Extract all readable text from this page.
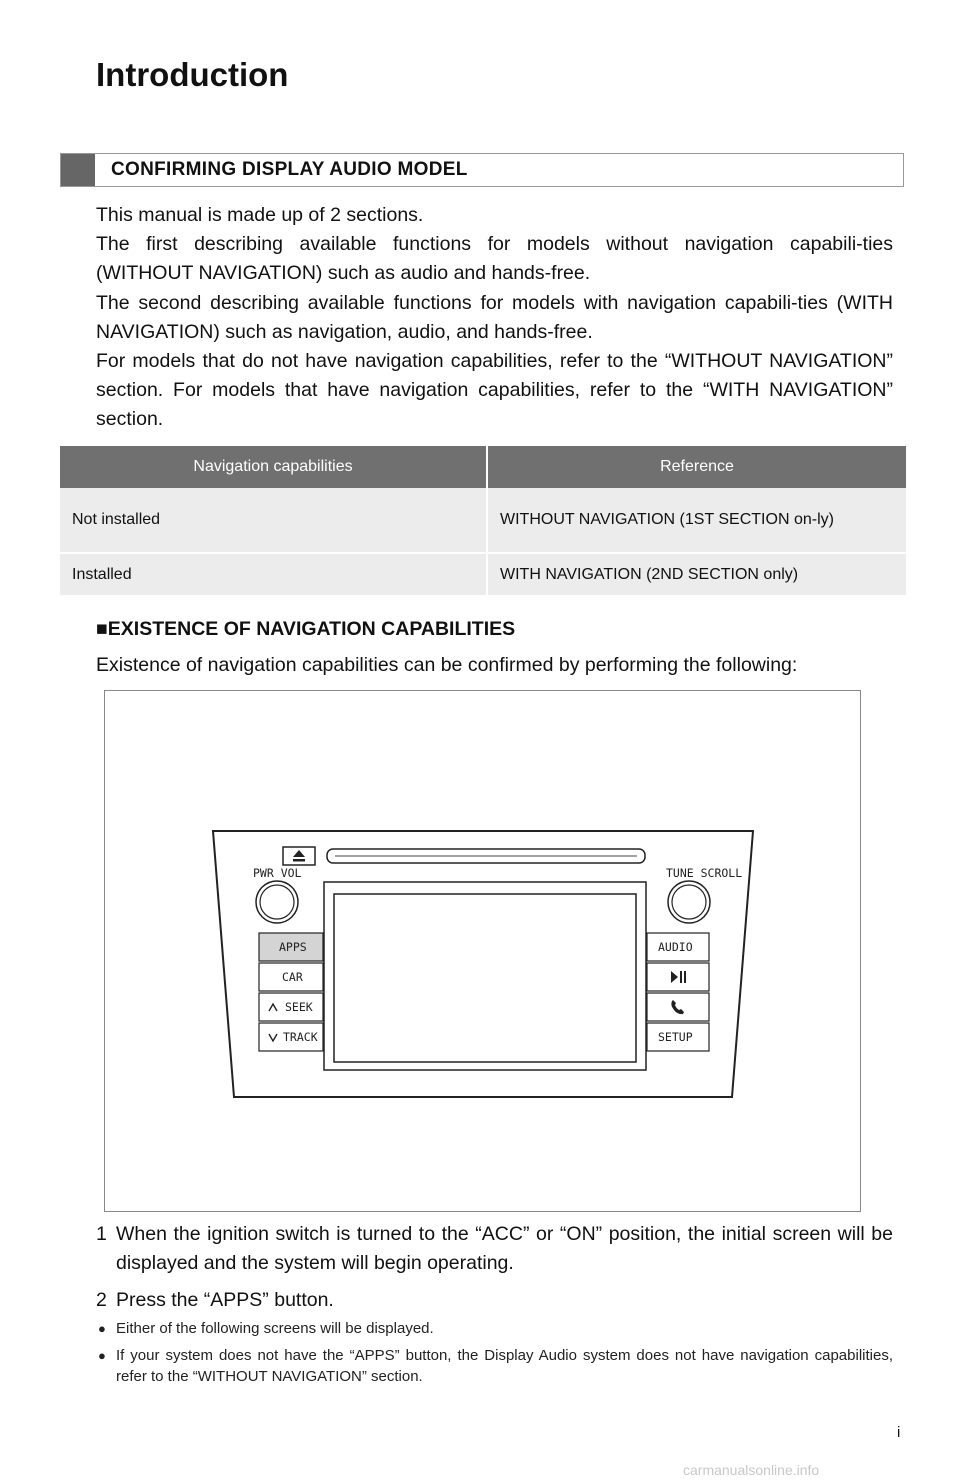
Introduction
CONFIRMING DISPLAY AUDIO MODEL

This manual is made up of 2 sections.

The first describing available functions for models without navigation capabili-ties (WITHOUT NAVIGATION) such as audio and hands-free.

The second describing available functions for models with navigation capabili-ties (WITH NAVIGATION) such as navigation, audio, and hands-free.

For models that do not have navigation capabilities, refer to the “WITHOUT NAVIGATION” section. For models that have navigation capabilities, refer to the “WITH NAVIGATION” section.

Navigation capabilities	Reference
Not installed	WITHOUT NAVIGATION (1ST SECTION on-ly)
Installed	WITH NAVIGATION (2ND SECTION only)
■EXISTENCE OF NAVIGATION CAPABILITIES

Existence of navigation capabilities can be confirmed by performing the following:

PWR VOL	TUNE SCROLL
APPS
CAR
SEEK
TRACK
AUDIO
SETUP
1 When the ignition switch is turned to the “ACC” or “ON” position, the initial screen will be displayed and the system will begin operating.
2 Press the “APPS” button.
● Either of the following screens will be displayed.
● If your system does not have the “APPS” button, the Display Audio system does not have navigation capabilities, refer to the “WITHOUT NAVIGATION” section.
i
carmanualsonline.info
